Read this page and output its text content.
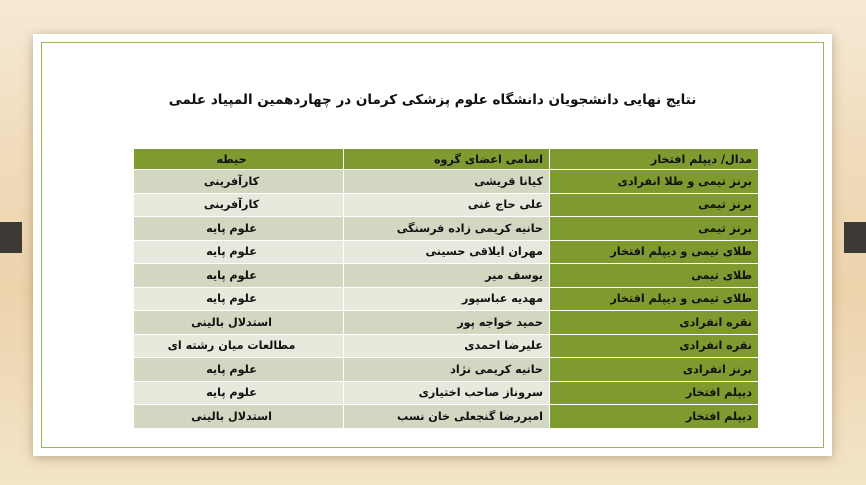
نتایج نهایی دانشجویان دانشگاه علوم پزشکی کرمان در چهاردهمین المپیاد علمی
مدال/ دیپلم افتخار	اسامی اعضای گروه	حیطه
برنز تیمی و طلا انفرادی	کیانا قریشی	کارآفرینی
برنز تیمی	علی حاج غنی	کارآفرینی
برنز تیمی	حانیه کریمی زاده فرسنگی	علوم پایه
طلای تیمی و دیپلم افتخار	مهران ایلاقی حسینی	علوم پایه
طلای تیمی	یوسف میر	علوم پایه
طلای تیمی و دیپلم افتخار	مهدیه عباسپور	علوم پایه
نقره انفرادی	حمید خواجه پور	استدلال بالینی
نقره انفرادی	علیرضا احمدی	مطالعات میان رشته ای
برنز انفرادی	حانیه کریمی نژاد	علوم پایه
دیپلم افتخار	سروناز صاحب اختیاری	علوم پایه
دیپلم افتخار	امیررضا گنجعلی خان نسب	استدلال بالینی
